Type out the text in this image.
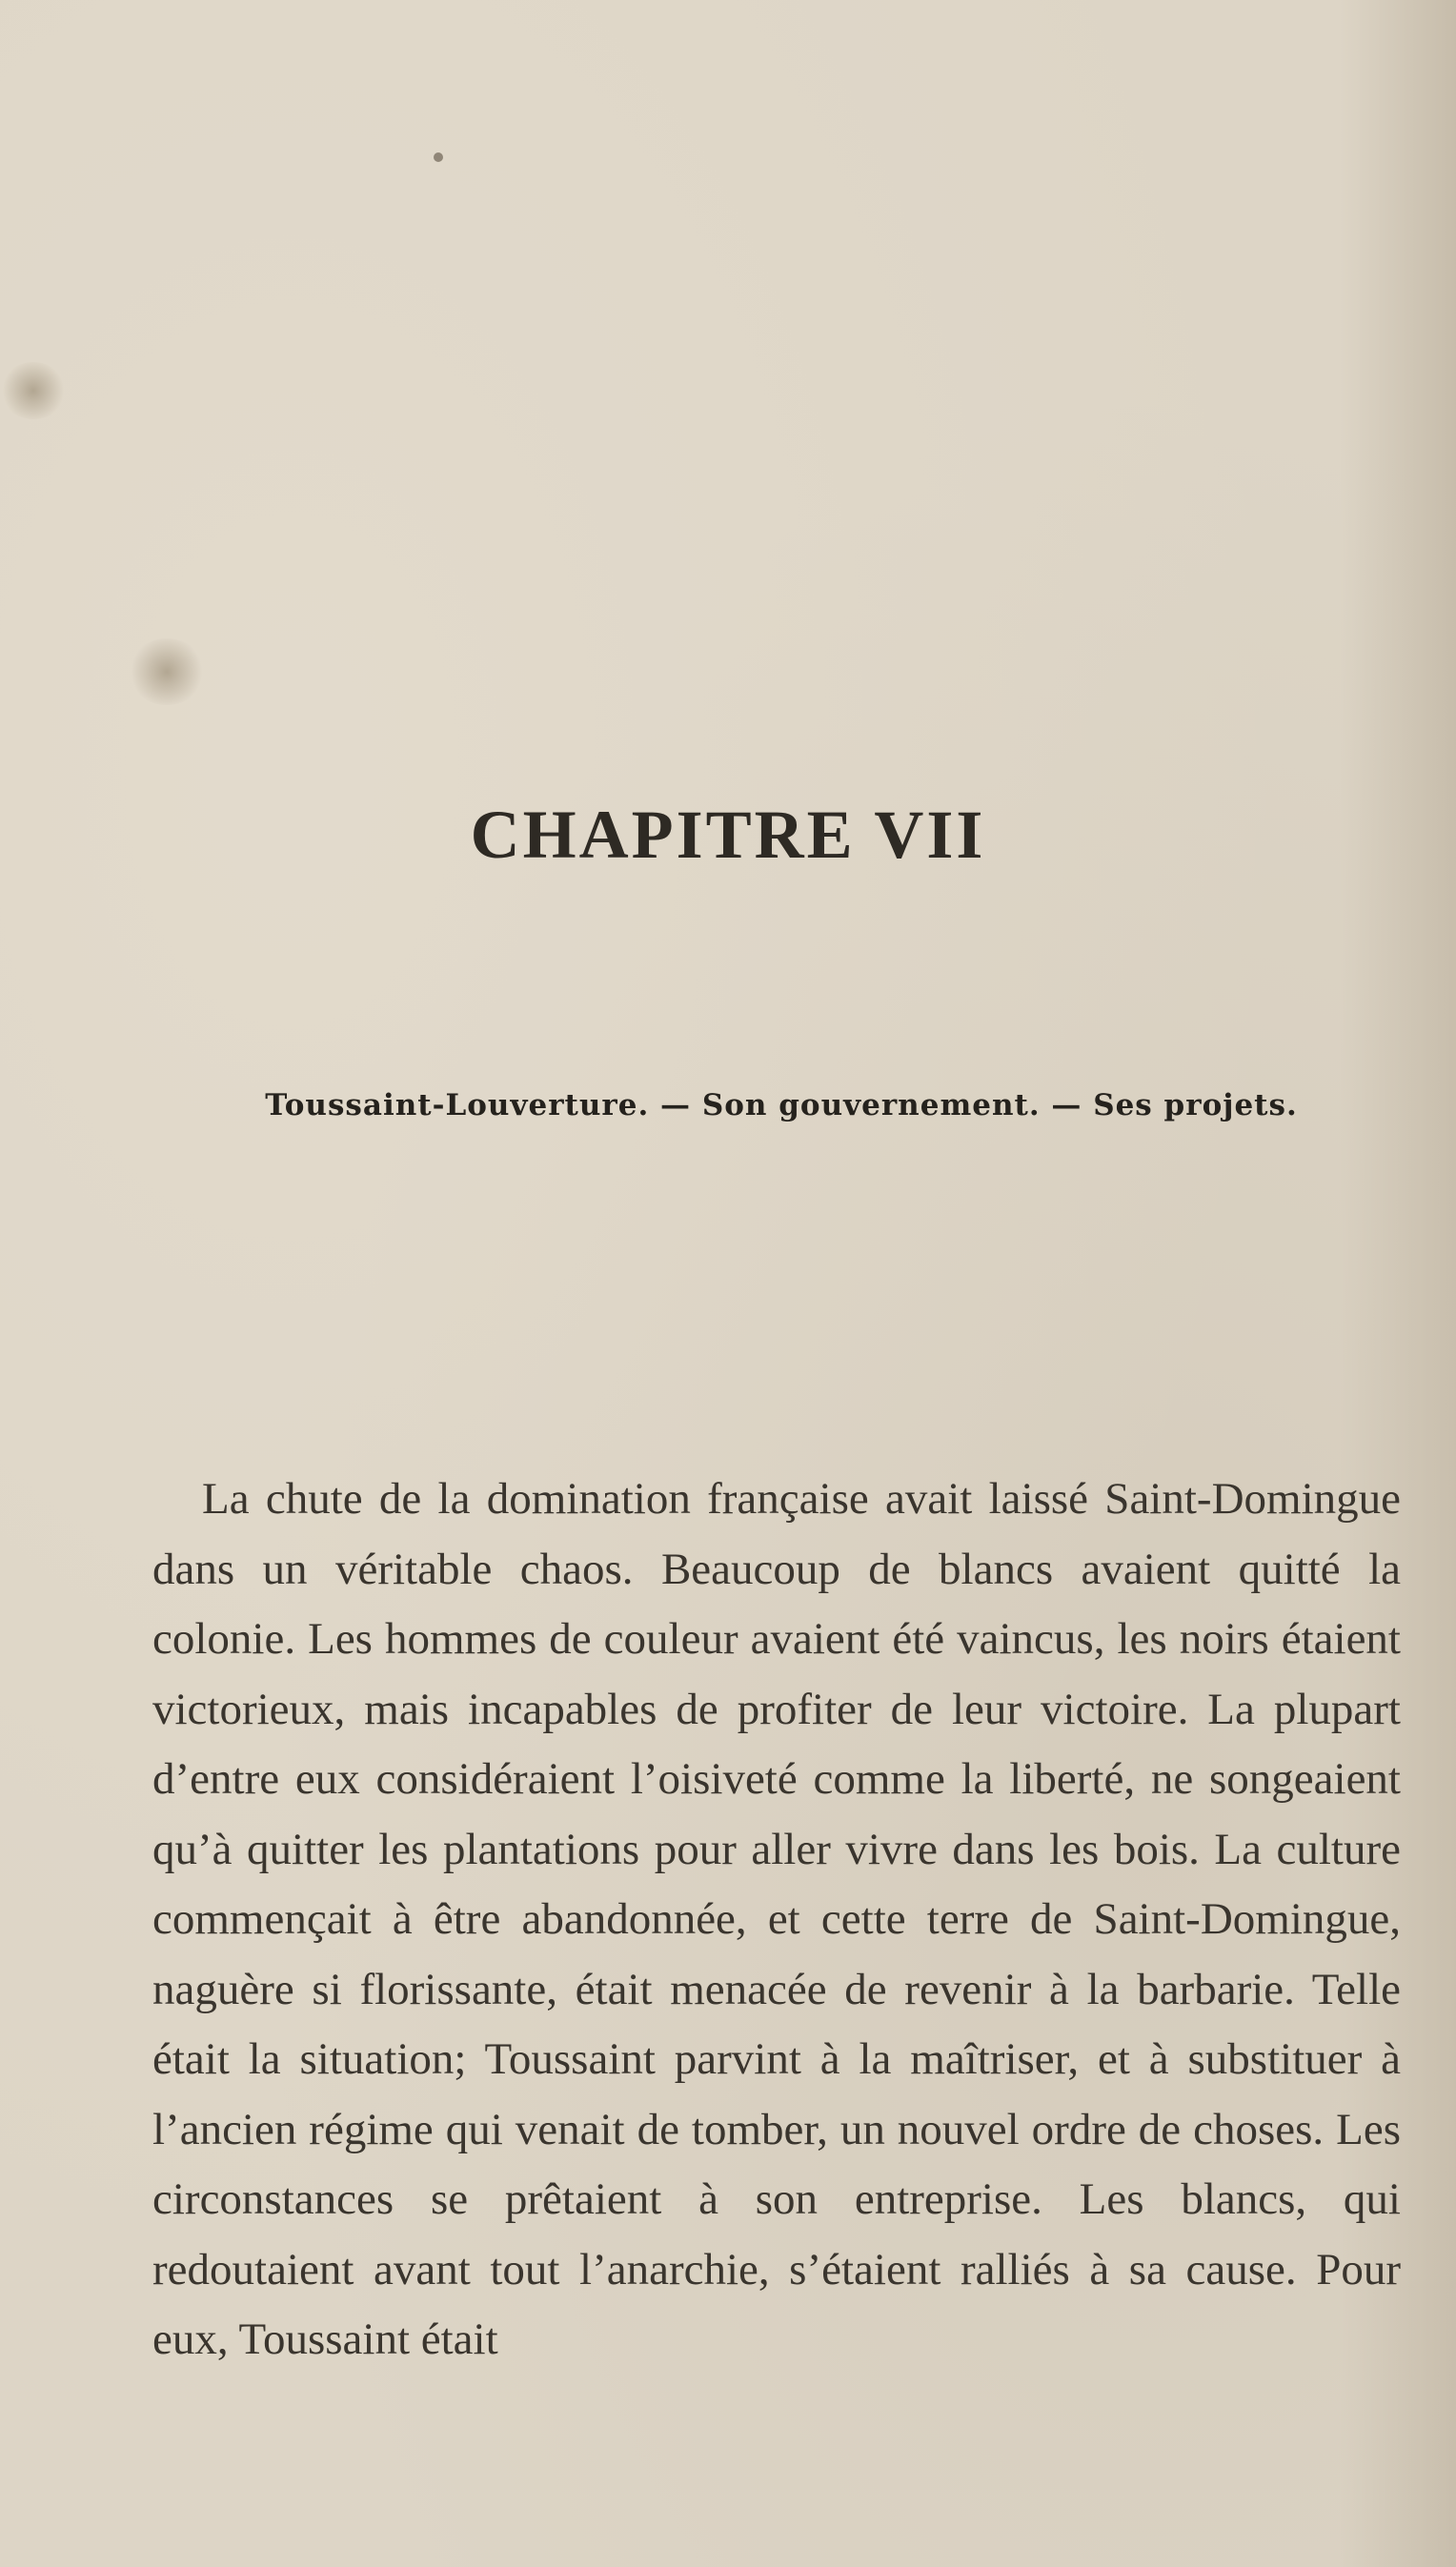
CHAPITRE VII
Toussaint-Louverture. — Son gouvernement. — Ses projets.

La chute de la domination française avait laissé Saint-Domingue dans un véritable chaos. Beaucoup de blancs avaient quitté la colonie. Les hommes de couleur avaient été vaincus, les noirs étaient victorieux, mais incapables de profiter de leur victoire. La plupart d’entre eux considéraient l’oisiveté comme la liberté, ne songeaient qu’à quitter les plantations pour aller vivre dans les bois. La culture commençait à être abandonnée, et cette terre de Saint-Domingue, naguère si florissante, était menacée de revenir à la barbarie. Telle était la situation; Toussaint parvint à la maîtriser, et à substituer à l’ancien régime qui venait de tomber, un nouvel ordre de choses. Les circonstances se prêtaient à son entreprise. Les blancs, qui redoutaient avant tout l’anarchie, s’étaient ralliés à sa cause. Pour eux, Toussaint était
